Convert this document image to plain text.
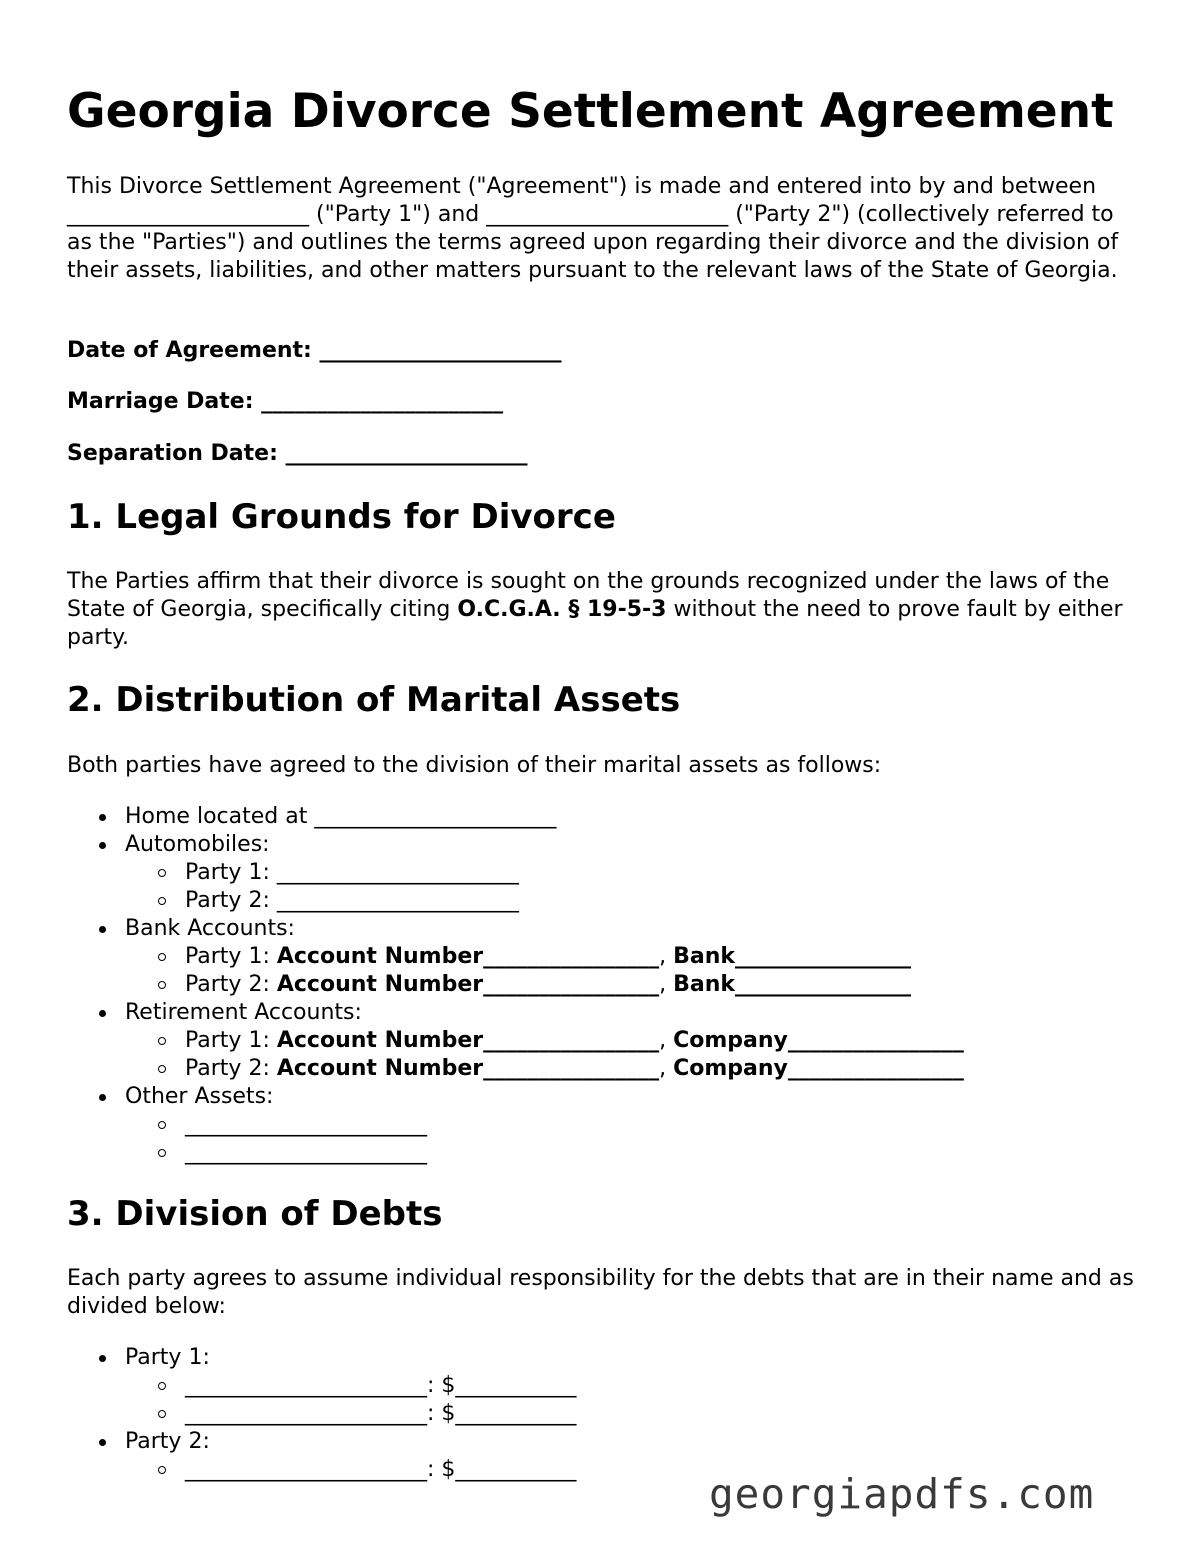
Georgia Divorce Settlement Agreement

This Divorce Settlement Agreement ("Agreement") is made and entered into by and between ______________________ ("Party 1") and ______________________ ("Party 2") (collectively referred to as the "Parties") and outlines the terms agreed upon regarding their divorce and the division of their assets, liabilities, and other matters pursuant to the relevant laws of the State of Georgia.

Date of Agreement: ______________________

Marriage Date: ______________________

Separation Date: ______________________

1. Legal Grounds for Divorce

The Parties affirm that their divorce is sought on the grounds recognized under the laws of the State of Georgia, specifically citing O.C.G.A. § 19-5-3 without the need to prove fault by either party.

2. Distribution of Marital Assets

Both parties have agreed to the division of their marital assets as follows:

Home located at ______________________
Automobiles:
Party 1: ______________________
Party 2: ______________________
Bank Accounts:
Party 1: Account Number________________, Bank________________
Party 2: Account Number________________, Bank________________
Retirement Accounts:
Party 1: Account Number________________, Company________________
Party 2: Account Number________________, Company________________
Other Assets:
______________________
______________________
3. Division of Debts

Each party agrees to assume individual responsibility for the debts that are in their name and as divided below:

Party 1:
______________________: $___________
______________________: $___________
Party 2:
______________________: $___________
georgiapdfs.com
